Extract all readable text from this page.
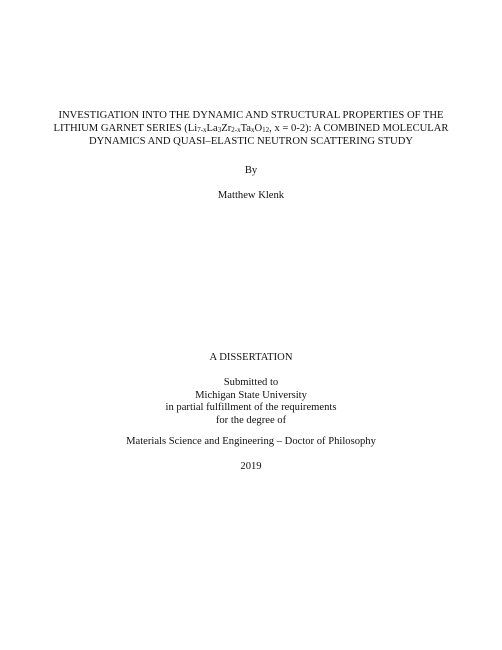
INVESTIGATION INTO THE DYNAMIC AND STRUCTURAL PROPERTIES OF THE
LITHIUM GARNET SERIES (Li7-xLa3Zr2-xTaxO12, x = 0-2): A COMBINED MOLECULAR
DYNAMICS AND QUASI–ELASTIC NEUTRON SCATTERING STUDY
By
Matthew Klenk
A DISSERTATION
Submitted to
Michigan State University
in partial fulfillment of the requirements
for the degree of
Materials Science and Engineering – Doctor of Philosophy
2019
